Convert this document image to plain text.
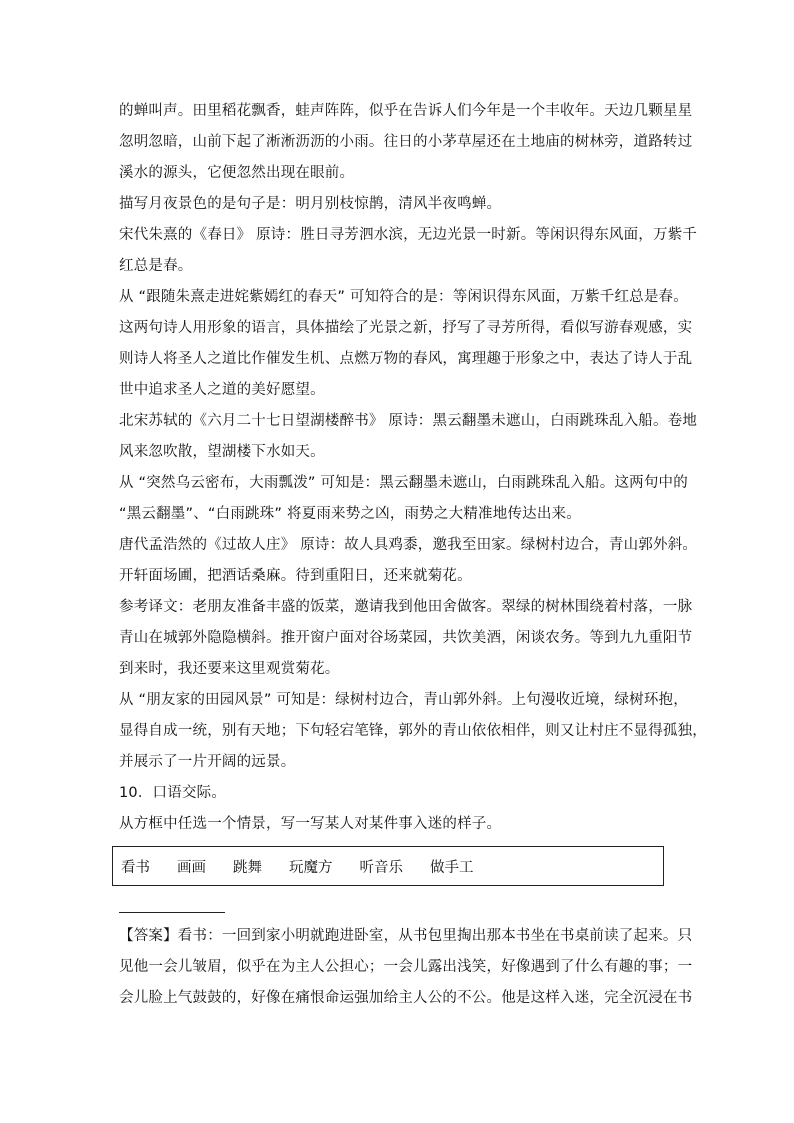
的蝉叫声。田里稻花飘香，蛙声阵阵，似乎在告诉人们今年是一个丰收年。天边几颗星星
忽明忽暗，山前下起了淅淅沥沥的小雨。往日的小茅草屋还在土地庙的树林旁，道路转过
溪水的源头，它便忽然出现在眼前。
描写月夜景色的是句子是：明月别枝惊鹊，清风半夜鸣蝉。
宋代朱熹的《春日》 原诗：胜日寻芳泗水滨，无边光景一时新。等闲识得东风面，万紫千
红总是春。
从 “跟随朱熹走进姹紫嫣红的春天” 可知符合的是：等闲识得东风面，万紫千红总是春。
这两句诗人用形象的语言，具体描绘了光景之新，抒写了寻芳所得，看似写游春观感，实
则诗人将圣人之道比作催发生机、点燃万物的春风，寓理趣于形象之中，表达了诗人于乱
世中追求圣人之道的美好愿望。
北宋苏轼的《六月二十七日望湖楼醉书》 原诗：黑云翻墨未遮山，白雨跳珠乱入船。卷地
风来忽吹散，望湖楼下水如天。
从 “突然乌云密布，大雨瓢泼” 可知是：黑云翻墨未遮山，白雨跳珠乱入船。这两句中的
“黑云翻墨”、“白雨跳珠” 将夏雨来势之凶，雨势之大精准地传达出来。
唐代孟浩然的《过故人庄》 原诗：故人具鸡黍，邀我至田家。绿树村边合，青山郭外斜。
开轩面场圃，把酒话桑麻。待到重阳日，还来就菊花。
参考译文：老朋友准备丰盛的饭菜，邀请我到他田舍做客。翠绿的树林围绕着村落，一脉
青山在城郭外隐隐横斜。推开窗户面对谷场菜园，共饮美酒，闲谈农务。等到九九重阳节
到来时，我还要来这里观赏菊花。
从 “朋友家的田园风景” 可知是：绿树村边合，青山郭外斜。上句漫收近境，绿树环抱，
显得自成一统，别有天地；下句轻宕笔锋，郭外的青山依依相伴，则又让村庄不显得孤独，
并展示了一片开阔的远景。
10．口语交际。
从方框中任选一个情景，写一写某人对某件事入迷的样子。
看书 画画 跳舞 玩魔方 听音乐 做手工
【答案】看书：一回到家小明就跑进卧室，从书包里掏出那本书坐在书桌前读了起来。只
见他一会儿皱眉，似乎在为主人公担心；一会儿露出浅笑，好像遇到了什么有趣的事；一
会儿脸上气鼓鼓的，好像在痛恨命运强加给主人公的不公。他是这样入迷，完全沉浸在书
